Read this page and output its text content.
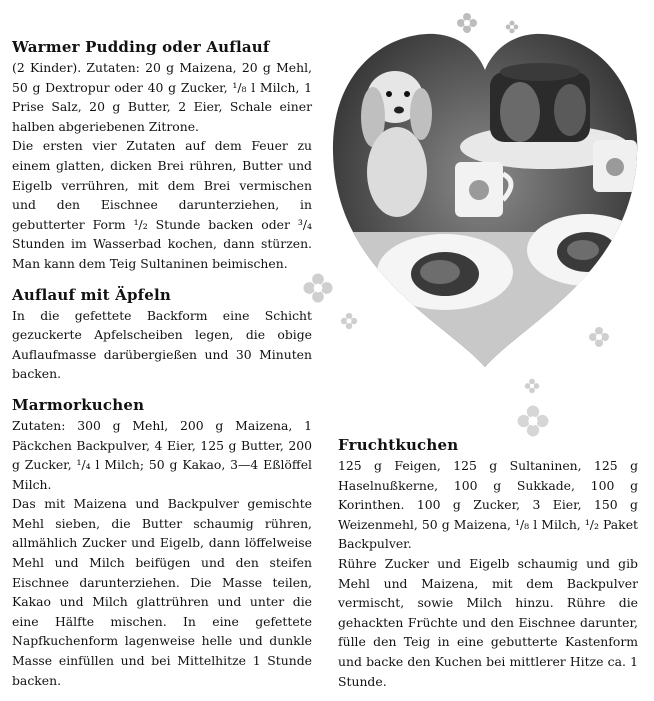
Warmer Pudding oder Auflauf

(2 Kinder). Zutaten: 20 g Maizena, 20 g Mehl, 50 g Dextropur oder 40 g Zucker, ¹/₈ l Milch, 1 Prise Salz, 20 g Butter, 2 Eier, Schale einer halben abgeriebenen Zitrone.

Die ersten vier Zutaten auf dem Feuer zu einem glatten, dicken Brei rühren, Butter und Eigelb verrühren, mit dem Brei vermischen und den Eischnee darunterziehen, in gebutterter Form ¹/₂ Stunde backen oder ³/₄ Stunden im Wasserbad kochen, dann stürzen. Man kann dem Teig Sultaninen beimischen.

Auflauf mit Äpfeln

In die gefettete Backform eine Schicht gezuckerte Apfelscheiben legen, die obige Auflaufmasse darübergießen und 30 Minuten backen.

Marmorkuchen

Zutaten: 300 g Mehl, 200 g Maizena, 1 Päckchen Backpulver, 4 Eier, 125 g Butter, 200 g Zucker, ¹/₄ l Milch; 50 g Kakao, 3—4 Eßlöffel Milch.

Das mit Maizena und Backpulver gemischte Mehl sieben, die Butter schaumig rühren, allmählich Zucker und Eigelb, dann löffelweise Mehl und Milch beifügen und den steifen Eischnee darunterziehen. Die Masse teilen, Kakao und Milch glattrühren und unter die eine Hälfte mischen. In eine gefettete Napfkuchenform lagenweise helle und dunkle Masse einfüllen und bei Mittelhitze 1 Stunde backen.

Fruchtkuchen

125 g Feigen, 125 g Sultaninen, 125 g Haselnußkerne, 100 g Sukkade, 100 g Korinthen. 100 g Zucker, 3 Eier, 150 g Weizenmehl, 50 g Maizena, ¹/₈ l Milch, ¹/₂ Paket Backpulver.

Rühre Zucker und Eigelb schaumig und gib Mehl und Maizena, mit dem Backpulver vermischt, sowie Milch hinzu. Rühre die gehackten Früchte und den Eischnee darunter, fülle den Teig in eine gebutterte Kastenform und backe den Kuchen bei mittlerer Hitze ca. 1 Stunde.
